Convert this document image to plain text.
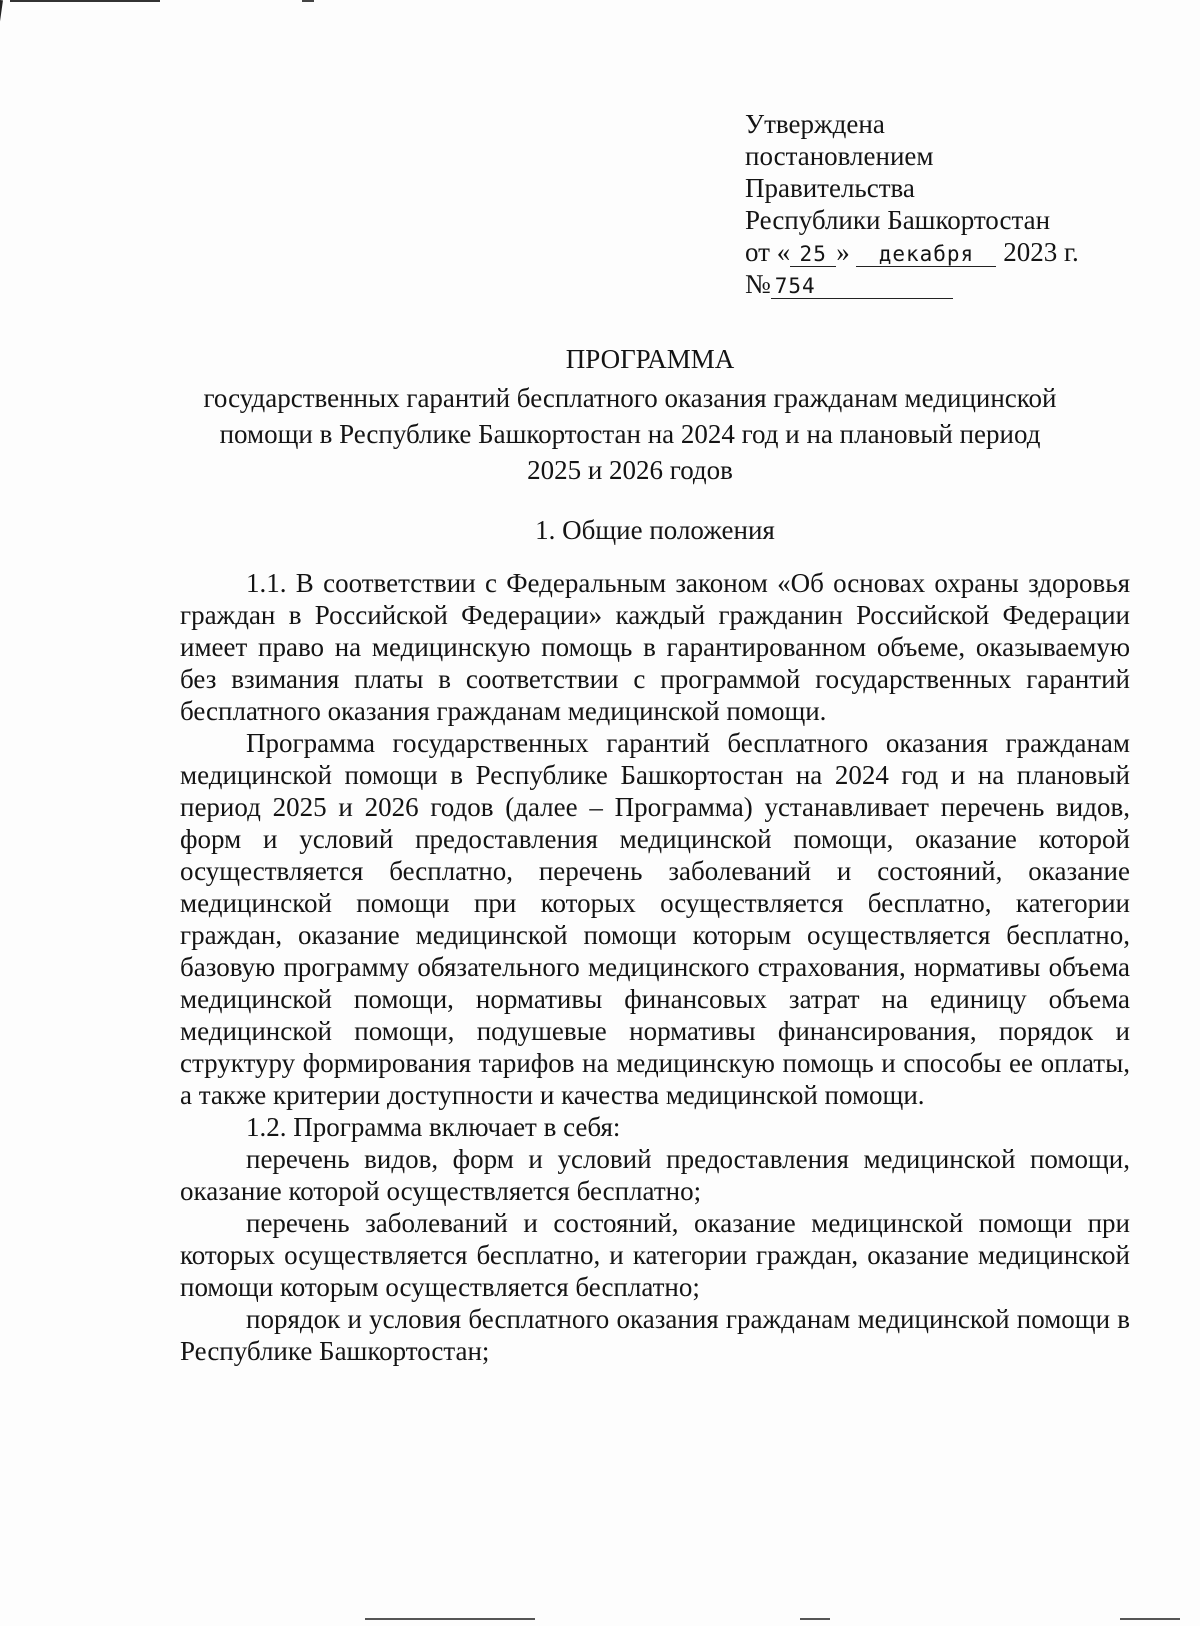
Утверждена
постановлением
Правительства
Республики Башкортостан
от « 25 » декабря 2023 г.
№ 754
ПРОГРАММА
государственных гарантий бесплатного оказания гражданам медицинской помощи в Республике Башкортостан на 2024 год и на плановый период 2025 и 2026 годов
1. Общие положения

1.1. В соответствии с Федеральным законом «Об основах охраны здоровья граждан в Российской Федерации» каждый гражданин Российской Федерации имеет право на медицинскую помощь в гарантированном объеме, оказываемую без взимания платы в соответствии с программой государственных гарантий бесплатного оказания гражданам медицинской помощи.

Программа государственных гарантий бесплатного оказания гражданам медицинской помощи в Республике Башкортостан на 2024 год и на плановый период 2025 и 2026 годов (далее – Программа) устанавливает перечень видов, форм и условий предоставления медицинской помощи, оказание которой осуществляется бесплатно, перечень заболеваний и состояний, оказание медицинской помощи при которых осуществляется бесплатно, категории граждан, оказание медицинской помощи которым осуществляется бесплатно, базовую программу обязательного медицинского страхования, нормативы объема медицинской помощи, нормативы финансовых затрат на единицу объема медицинской помощи, подушевые нормативы финансирования, порядок и структуру формирования тарифов на медицинскую помощь и способы ее оплаты, а также критерии доступности и качества медицинской помощи.

1.2. Программа включает в себя:

перечень видов, форм и условий предоставления медицинской помощи, оказание которой осуществляется бесплатно;

перечень заболеваний и состояний, оказание медицинской помощи при которых осуществляется бесплатно, и категории граждан, оказание медицинской помощи которым осуществляется бесплатно;

порядок и условия бесплатного оказания гражданам медицинской помощи в Республике Башкортостан;
